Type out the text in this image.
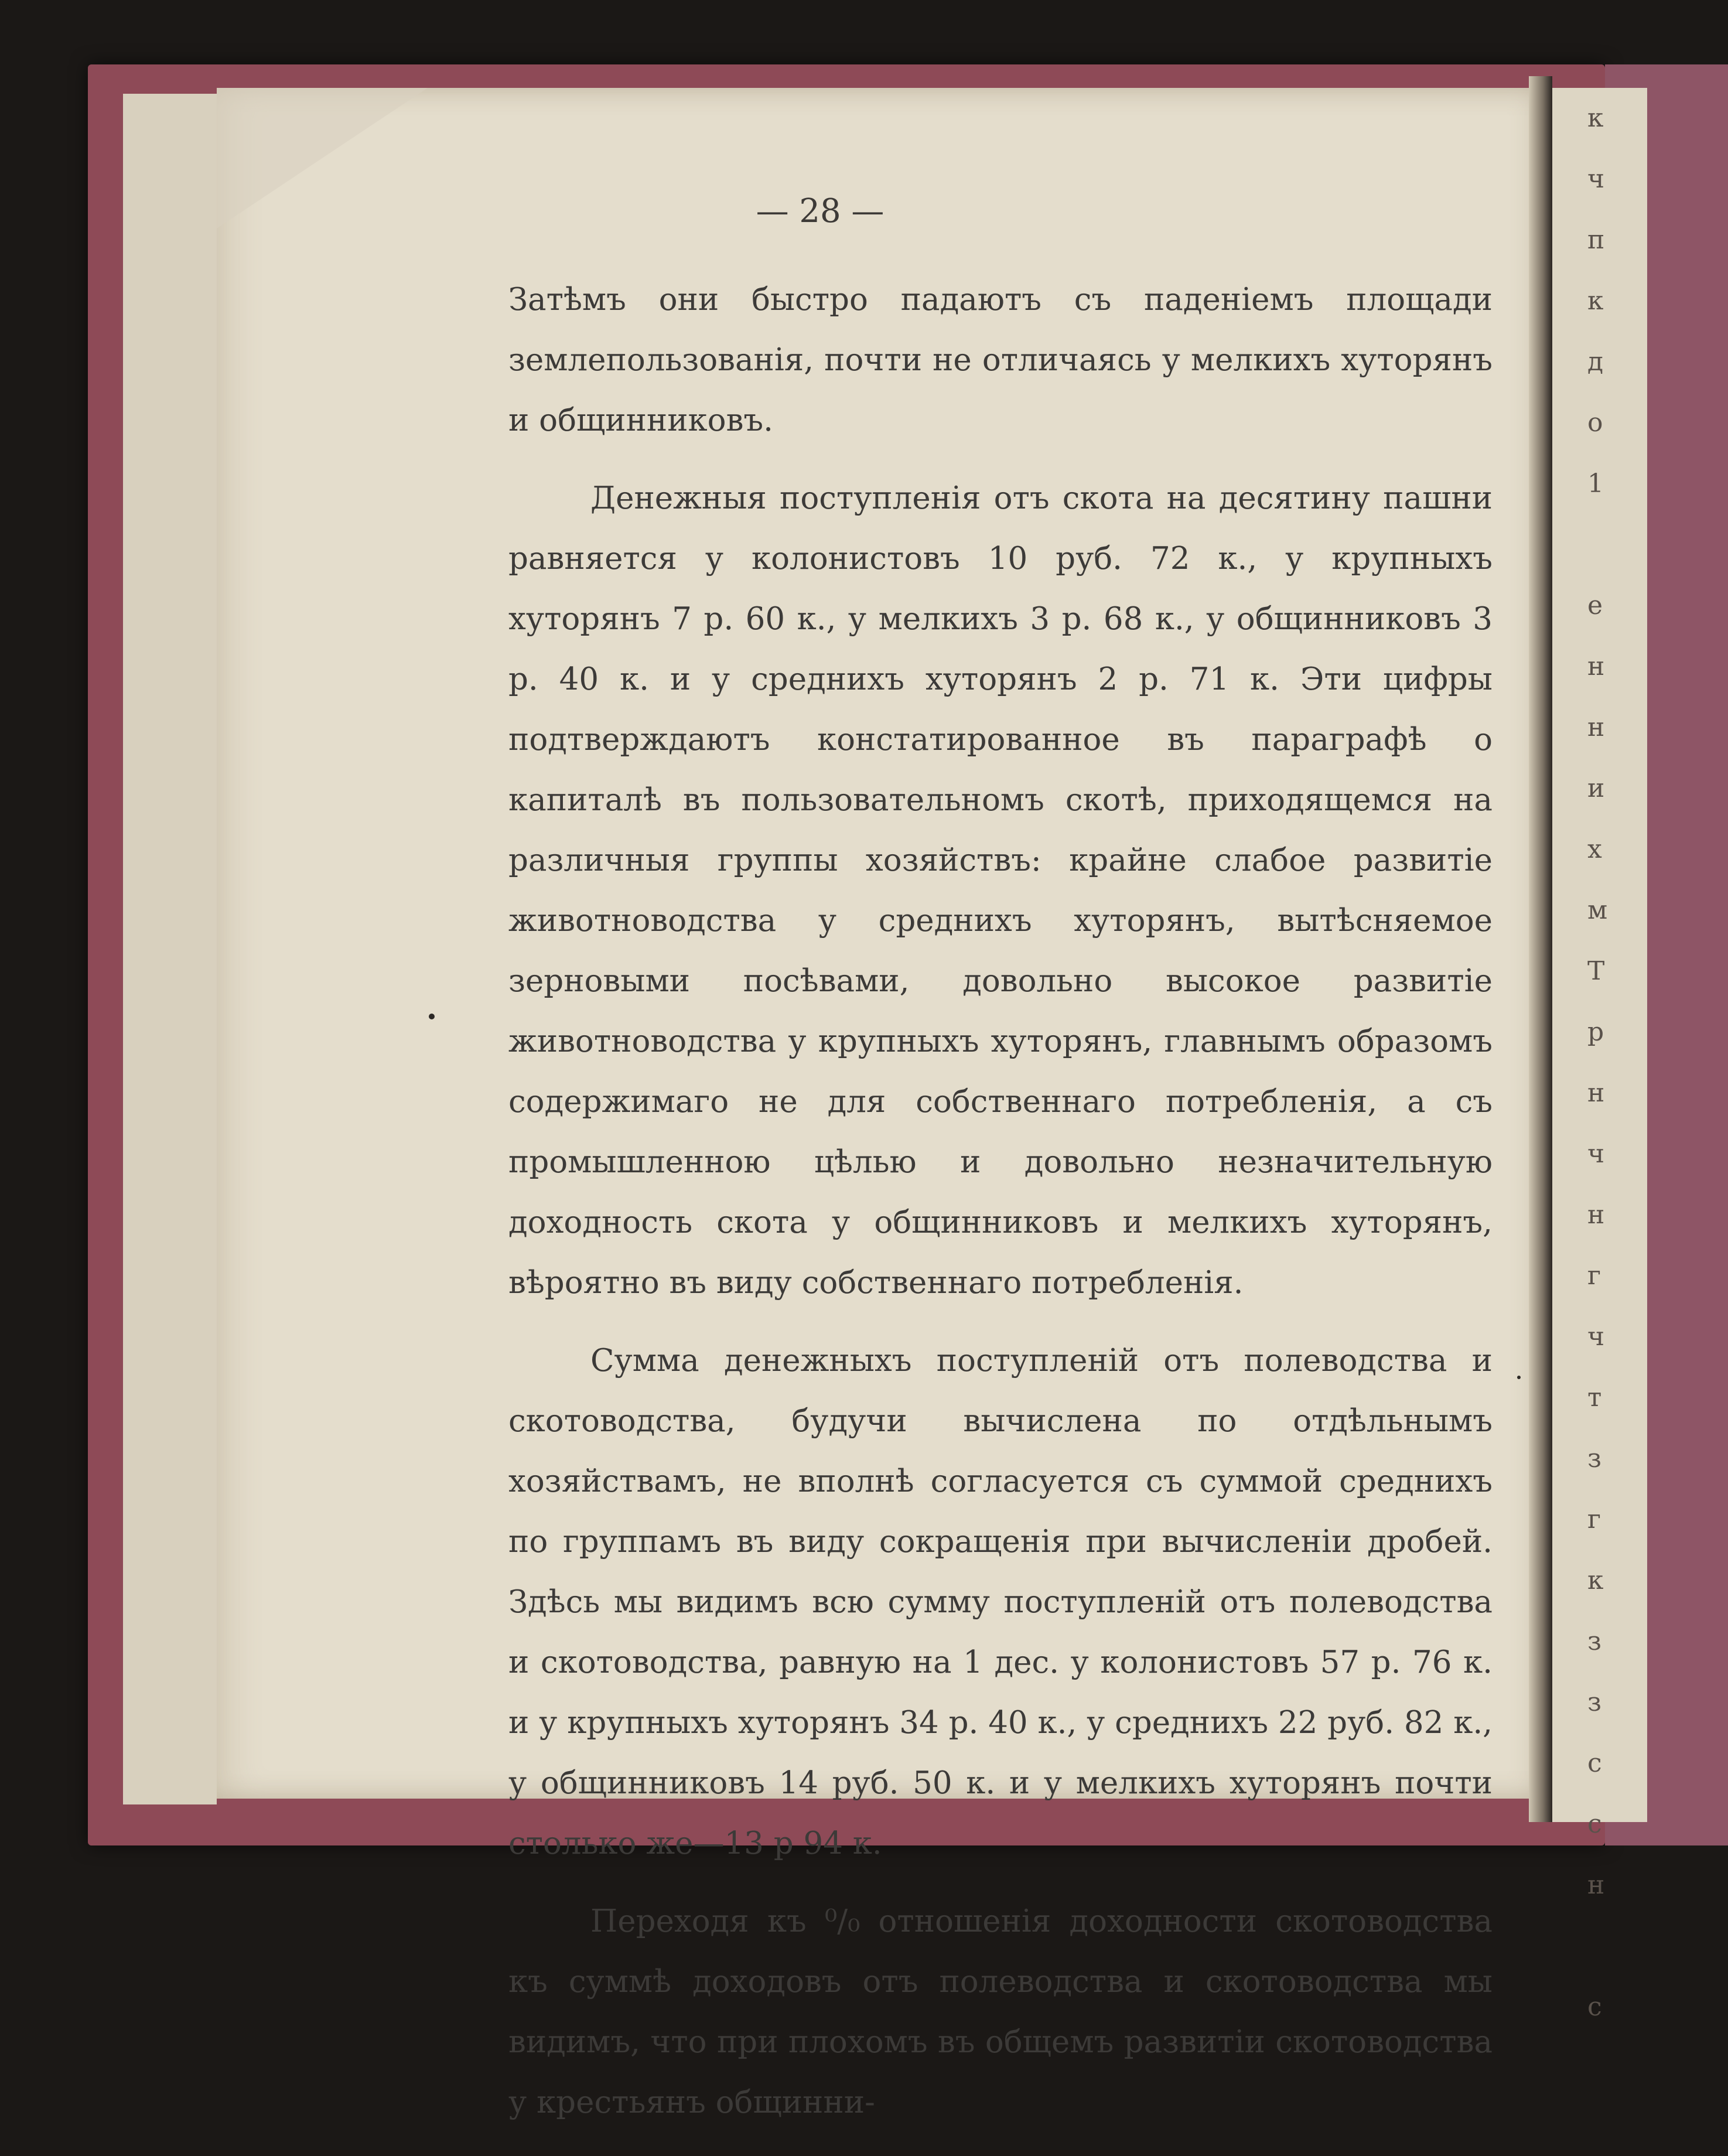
к
ч
п
к
д
о
1
е
н
н
и
х
м
Т
р
н
ч
н
г
ч
т
з
г
к
з
з
с
с
н
с
— 28 —

Затѣмъ они быстро падаютъ съ паденіемъ площади землепользованія, почти не отличаясь у мелкихъ хуторянъ и общинниковъ.

Денежныя поступленія отъ скота на десятину пашни равняется у колонистовъ 10 руб. 72 к., у крупныхъ хуторянъ 7 р. 60 к., у мелкихъ 3 р. 68 к., у общинниковъ 3 р. 40 к. и у среднихъ хуторянъ 2 р. 71 к. Эти цифры подтверждаютъ констатированное въ параграфѣ о капиталѣ въ пользовательномъ скотѣ, приходящемся на различныя группы хозяйствъ: крайне слабое развитіе животноводства у среднихъ хуторянъ, вытѣсняемое зерновыми посѣвами, довольно высокое развитіе животноводства у крупныхъ хуторянъ, главнымъ образомъ содержимаго не для собственнаго потребленія, а съ промышленною цѣлью и довольно незначительную доходность скота у общинниковъ и мелкихъ хуторянъ, вѣроятно въ виду собственнаго потребленія.

Сумма денежныхъ поступленій отъ полеводства и скотоводства, будучи вычислена по отдѣльнымъ хозяйствамъ, не вполнѣ согласуется съ суммой среднихъ по группамъ въ виду сокращенія при вычисленіи дробей. Здѣсь мы видимъ всю сумму поступленій отъ полеводства и скотоводства, равную на 1 дес. у колонистовъ 57 р. 76 к. и у крупныхъ хуторянъ 34 р. 40 к., у среднихъ 22 руб. 82 к., у общинниковъ 14 руб. 50 к. и у мелкихъ хуторянъ почти столько же—13 р 94 к.

Переходя къ ⁰/₀ отношенія доходности скотоводства къ суммѣ доходовъ отъ полеводства и скотоводства мы видимъ, что при плохомъ въ общемъ развитіи скотоводства у крестьянъ общинни-
